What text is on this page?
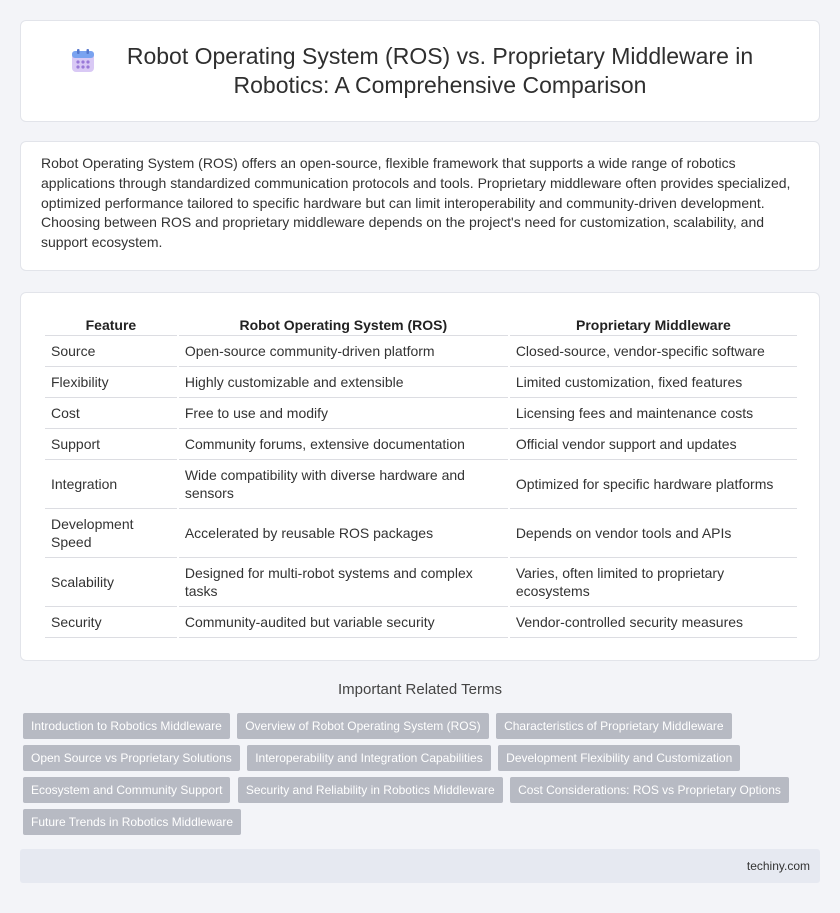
Robot Operating System (ROS) vs. Proprietary Middleware in Robotics: A Comprehensive Comparison

Robot Operating System (ROS) offers an open-source, flexible framework that supports a wide range of robotics applications through standardized communication protocols and tools. Proprietary middleware often provides specialized, optimized performance tailored to specific hardware but can limit interoperability and community-driven development. Choosing between ROS and proprietary middleware depends on the project's need for customization, scalability, and support ecosystem.

Feature	Robot Operating System (ROS)	Proprietary Middleware
Source	Open-source community-driven platform	Closed-source, vendor-specific software
Flexibility	Highly customizable and extensible	Limited customization, fixed features
Cost	Free to use and modify	Licensing fees and maintenance costs
Support	Community forums, extensive documentation	Official vendor support and updates
Integration	Wide compatibility with diverse hardware and sensors	Optimized for specific hardware platforms
Development Speed	Accelerated by reusable ROS packages	Depends on vendor tools and APIs
Scalability	Designed for multi-robot systems and complex tasks	Varies, often limited to proprietary ecosystems
Security	Community-audited but variable security	Vendor-controlled security measures
Important Related Terms
Introduction to Robotics Middleware Overview of Robot Operating System (ROS) Characteristics of Proprietary Middleware
Open Source vs Proprietary Solutions Interoperability and Integration Capabilities Development Flexibility and Customization
Ecosystem and Community Support Security and Reliability in Robotics Middleware Cost Considerations: ROS vs Proprietary Options
Future Trends in Robotics Middleware
techiny.com
